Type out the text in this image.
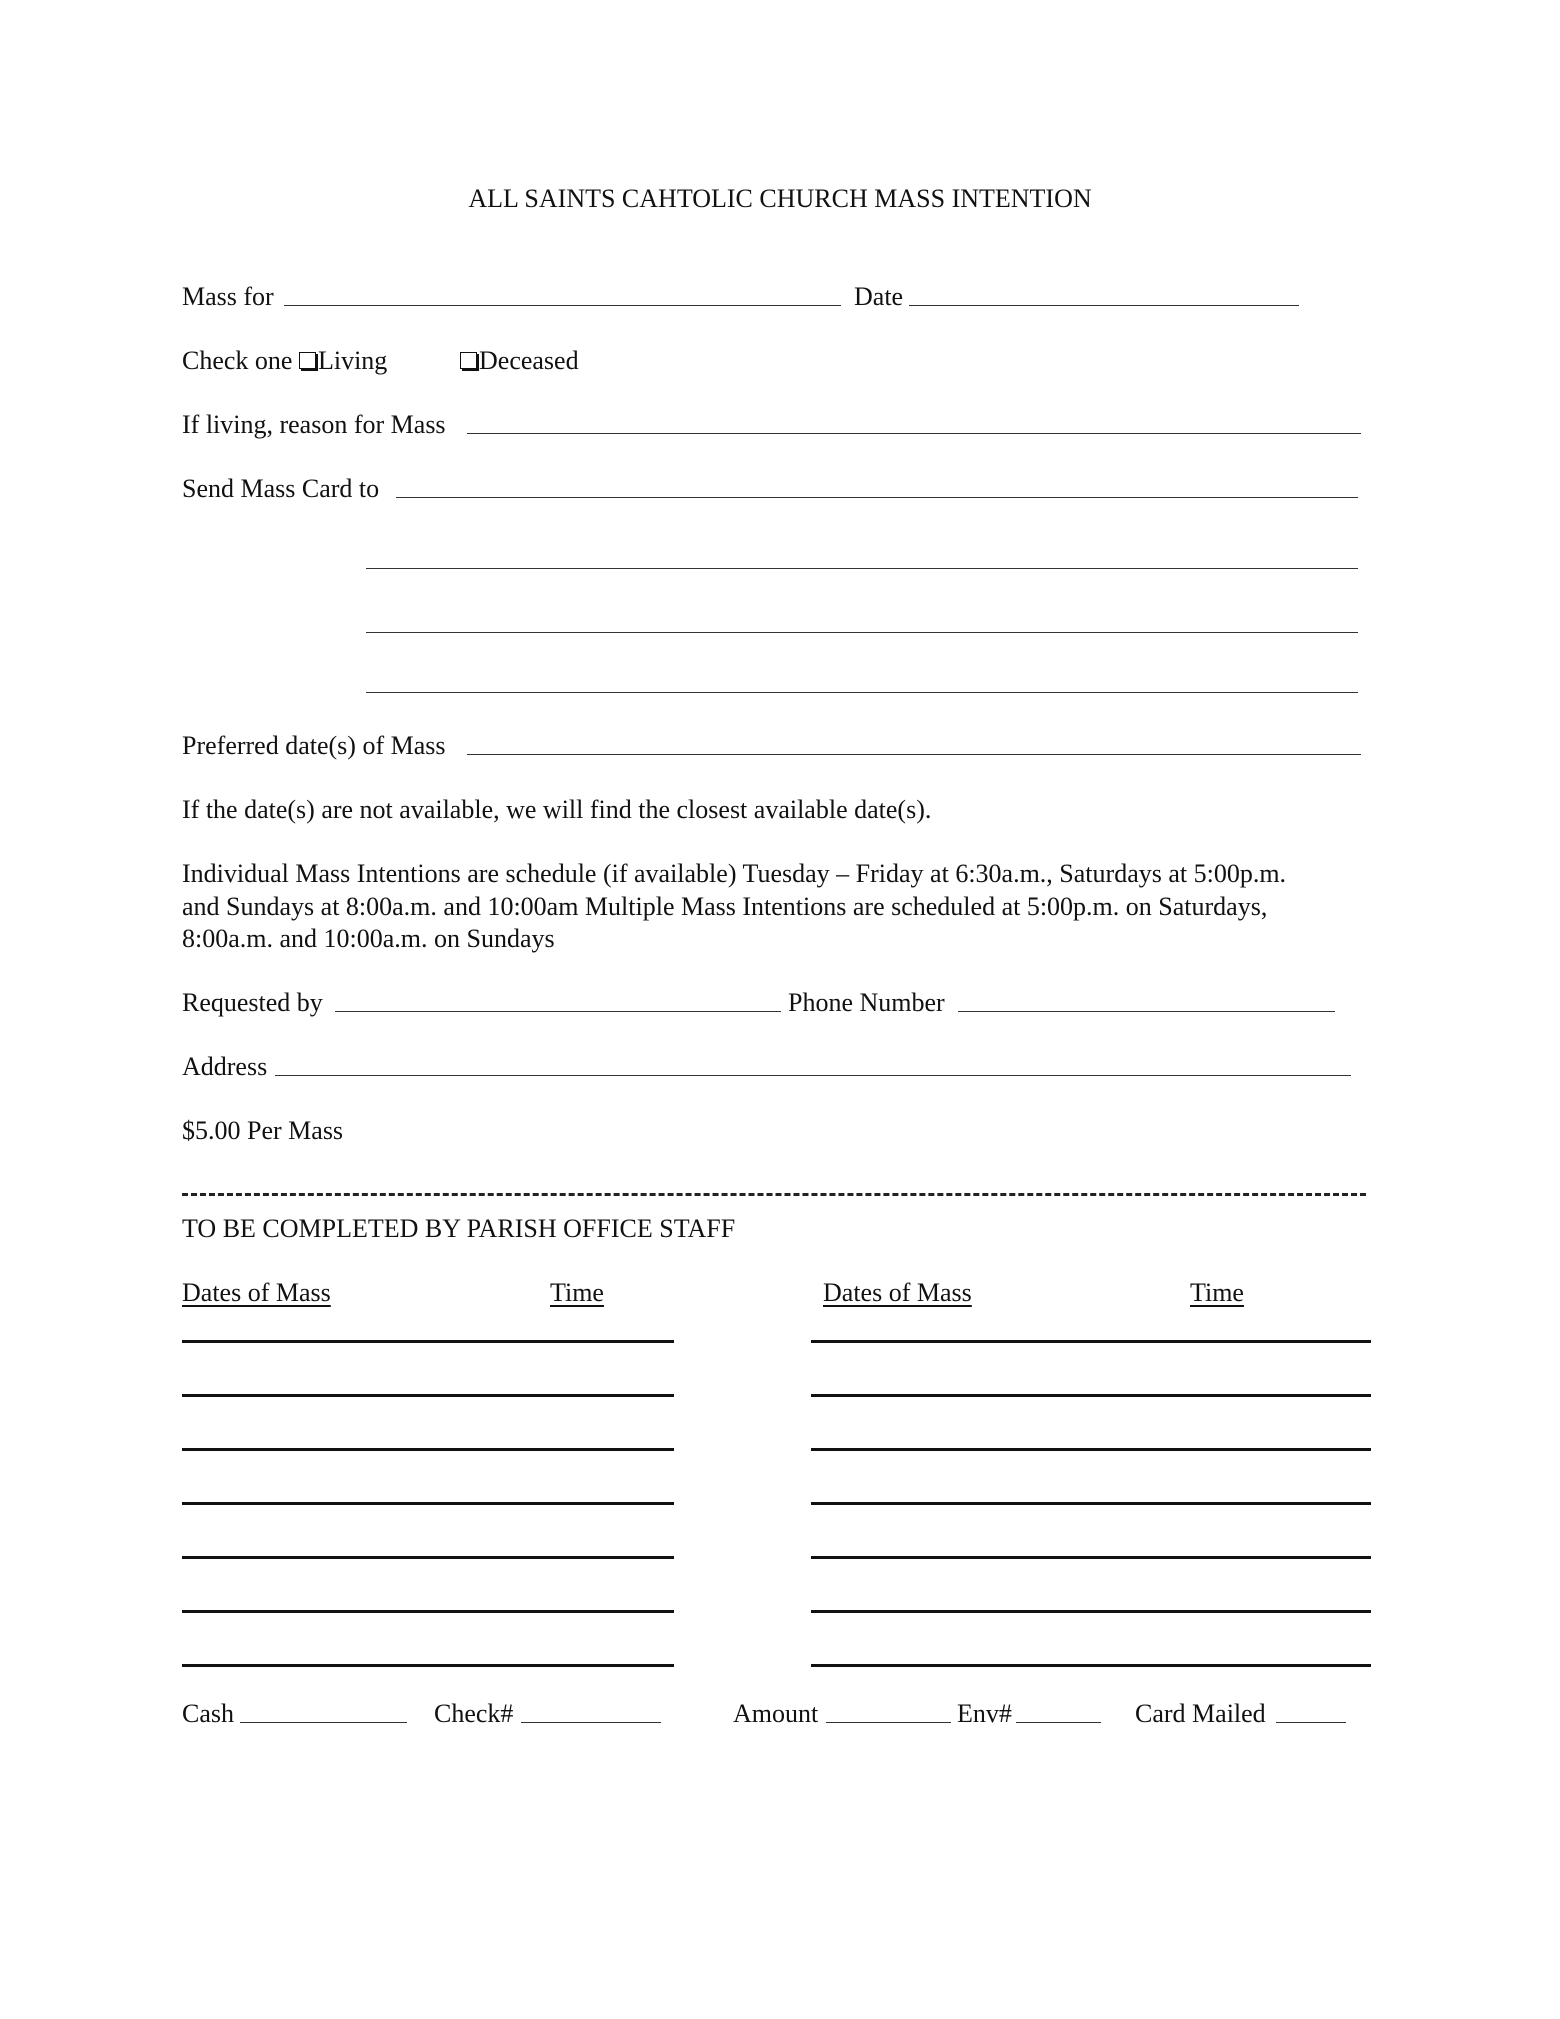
ALL SAINTS CAHTOLIC CHURCH MASS INTENTION
Mass for	Date
Check one Living	Deceased
If living, reason for Mass
Send Mass Card to
Preferred date(s) of Mass
If the date(s) are not available, we will find the closest available date(s).
Individual Mass Intentions are schedule (if available) Tuesday – Friday at 6:30a.m., Saturdays at 5:00p.m.
and Sundays at 8:00a.m. and 10:00am Multiple Mass Intentions are scheduled at 5:00p.m. on Saturdays,
8:00a.m. and 10:00a.m. on Sundays
Requested by	Phone Number
Address
$5.00 Per Mass
TO BE COMPLETED BY PARISH OFFICE STAFF
Dates of Mass	Time	Dates of Mass	Time
Cash	Check#	Amount	Env#	Card Mailed
